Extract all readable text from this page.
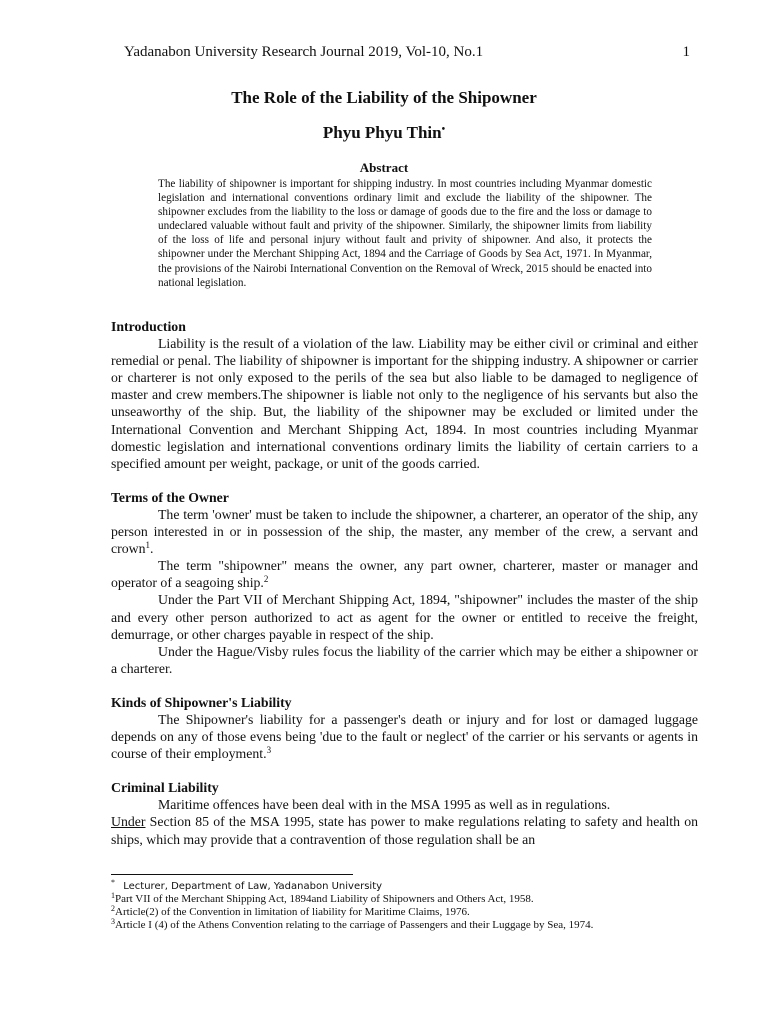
Yadanabon University Research Journal 2019, Vol-10, No.1	1
The Role of the Liability of the Shipowner
Phyu Phyu Thin•
Abstract
The liability of shipowner is important for shipping industry. In most countries including Myanmar domestic legislation and international conventions ordinary limit and exclude the liability of the shipowner. The shipowner excludes from the liability to the loss or damage of goods due to the fire and the loss or damage to undeclared valuable without fault and privity of the shipowner. Similarly, the shipowner limits from liability of the loss of life and personal injury without fault and privity of shipowner. And also, it protects the shipowner under the Merchant Shipping Act, 1894 and the Carriage of Goods by Sea Act, 1971. In Myanmar, the provisions of the Nairobi International Convention on the Removal of Wreck, 2015 should be enacted into national legislation.

Introduction

Liability is the result of a violation of the law. Liability may be either civil or criminal and either remedial or penal. The liability of shipowner is important for the shipping industry. A shipowner or carrier or charterer is not only exposed to the perils of the sea but also liable to be damaged to negligence of master and crew members.The shipowner is liable not only to the negligence of his servants but also the unseaworthy of the ship. But, the liability of the shipowner may be excluded or limited under the International Convention and Merchant Shipping Act, 1894. In most countries including Myanmar domestic legislation and international conventions ordinary limits the liability of certain carriers to a specified amount per weight, package, or unit of the goods carried.

Terms of the Owner

The term 'owner' must be taken to include the shipowner, a charterer, an operator of the ship, any person interested in or in possession of the ship, the master, any member of the crew, a servant and crown$^1$.

The term "shipowner" means the owner, any part owner, charterer, master or manager and operator of a seagoing ship.$^2$

Under the Part VII of Merchant Shipping Act, 1894, "shipowner" includes the master of the ship and every other person authorized to act as agent for the owner or entitled to receive the freight, demurrage, or other charges payable in respect of the ship.

Under the Hague/Visby rules focus the liability of the carrier which may be either a shipowner or a charterer.

Kinds of Shipowner's Liability

The Shipowner's liability for a passenger's death or injury and for lost or damaged luggage depends on any of those evens being 'due to the fault or neglect' of the carrier or his servants or agents in course of their employment.$^3$

Criminal Liability

Maritime offences have been deal with in the MSA 1995 as well as in regulations.

Under Section 85 of the MSA 1995, state has power to make regulations relating to safety and health on ships, which may provide that a contravention of those regulation shall be an

* Lecturer, Department of Law, Yadanabon University
$^1$Part VII of the Merchant Shipping Act, 1894and Liability of Shipowners and Others Act, 1958.
$^2$Article(2) of the Convention in limitation of liability for Maritime Claims, 1976.
$^3$Article I (4) of the Athens Convention relating to the carriage of Passengers and their Luggage by Sea, 1974.
